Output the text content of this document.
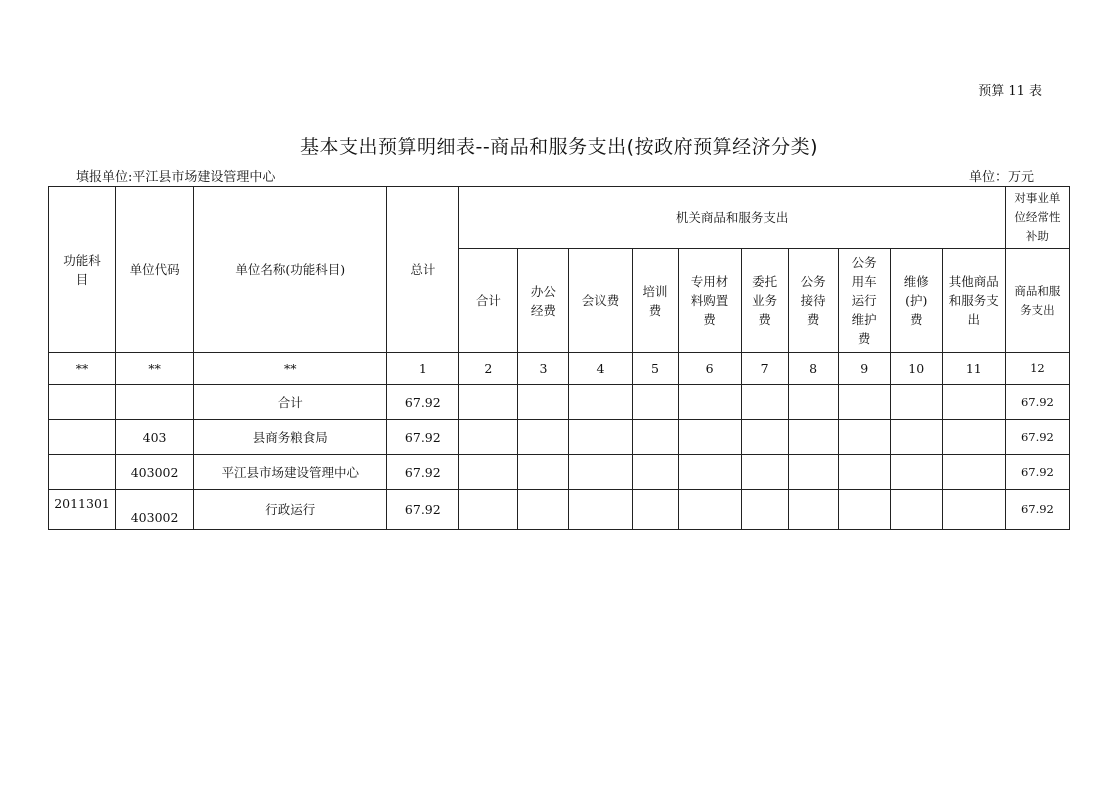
预算 11 表
基本支出预算明细表--商品和服务支出(按政府预算经济分类)
填报单位:平江县市场建设管理中心	单位：万元
功能科目	单位代码	单位名称(功能科目)	总计	机关商品和服务支出										对事业单位经常性补助
				合计	办公经费	会议费	培训费	专用材料购置费	委托业务费	公务接待费	公务用车运行维护费	维修(护)费	其他商品和服务支出	商品和服务支出
**	**	**	1	2	3	4	5	6	7	8	9	10	11	12
		合计	67.92											67.92
	403	县商务粮食局	67.92											67.92
	403002	平江县市场建设管理中心	67.92											67.92

2011301	403002	行政运行	67.92											67.92
